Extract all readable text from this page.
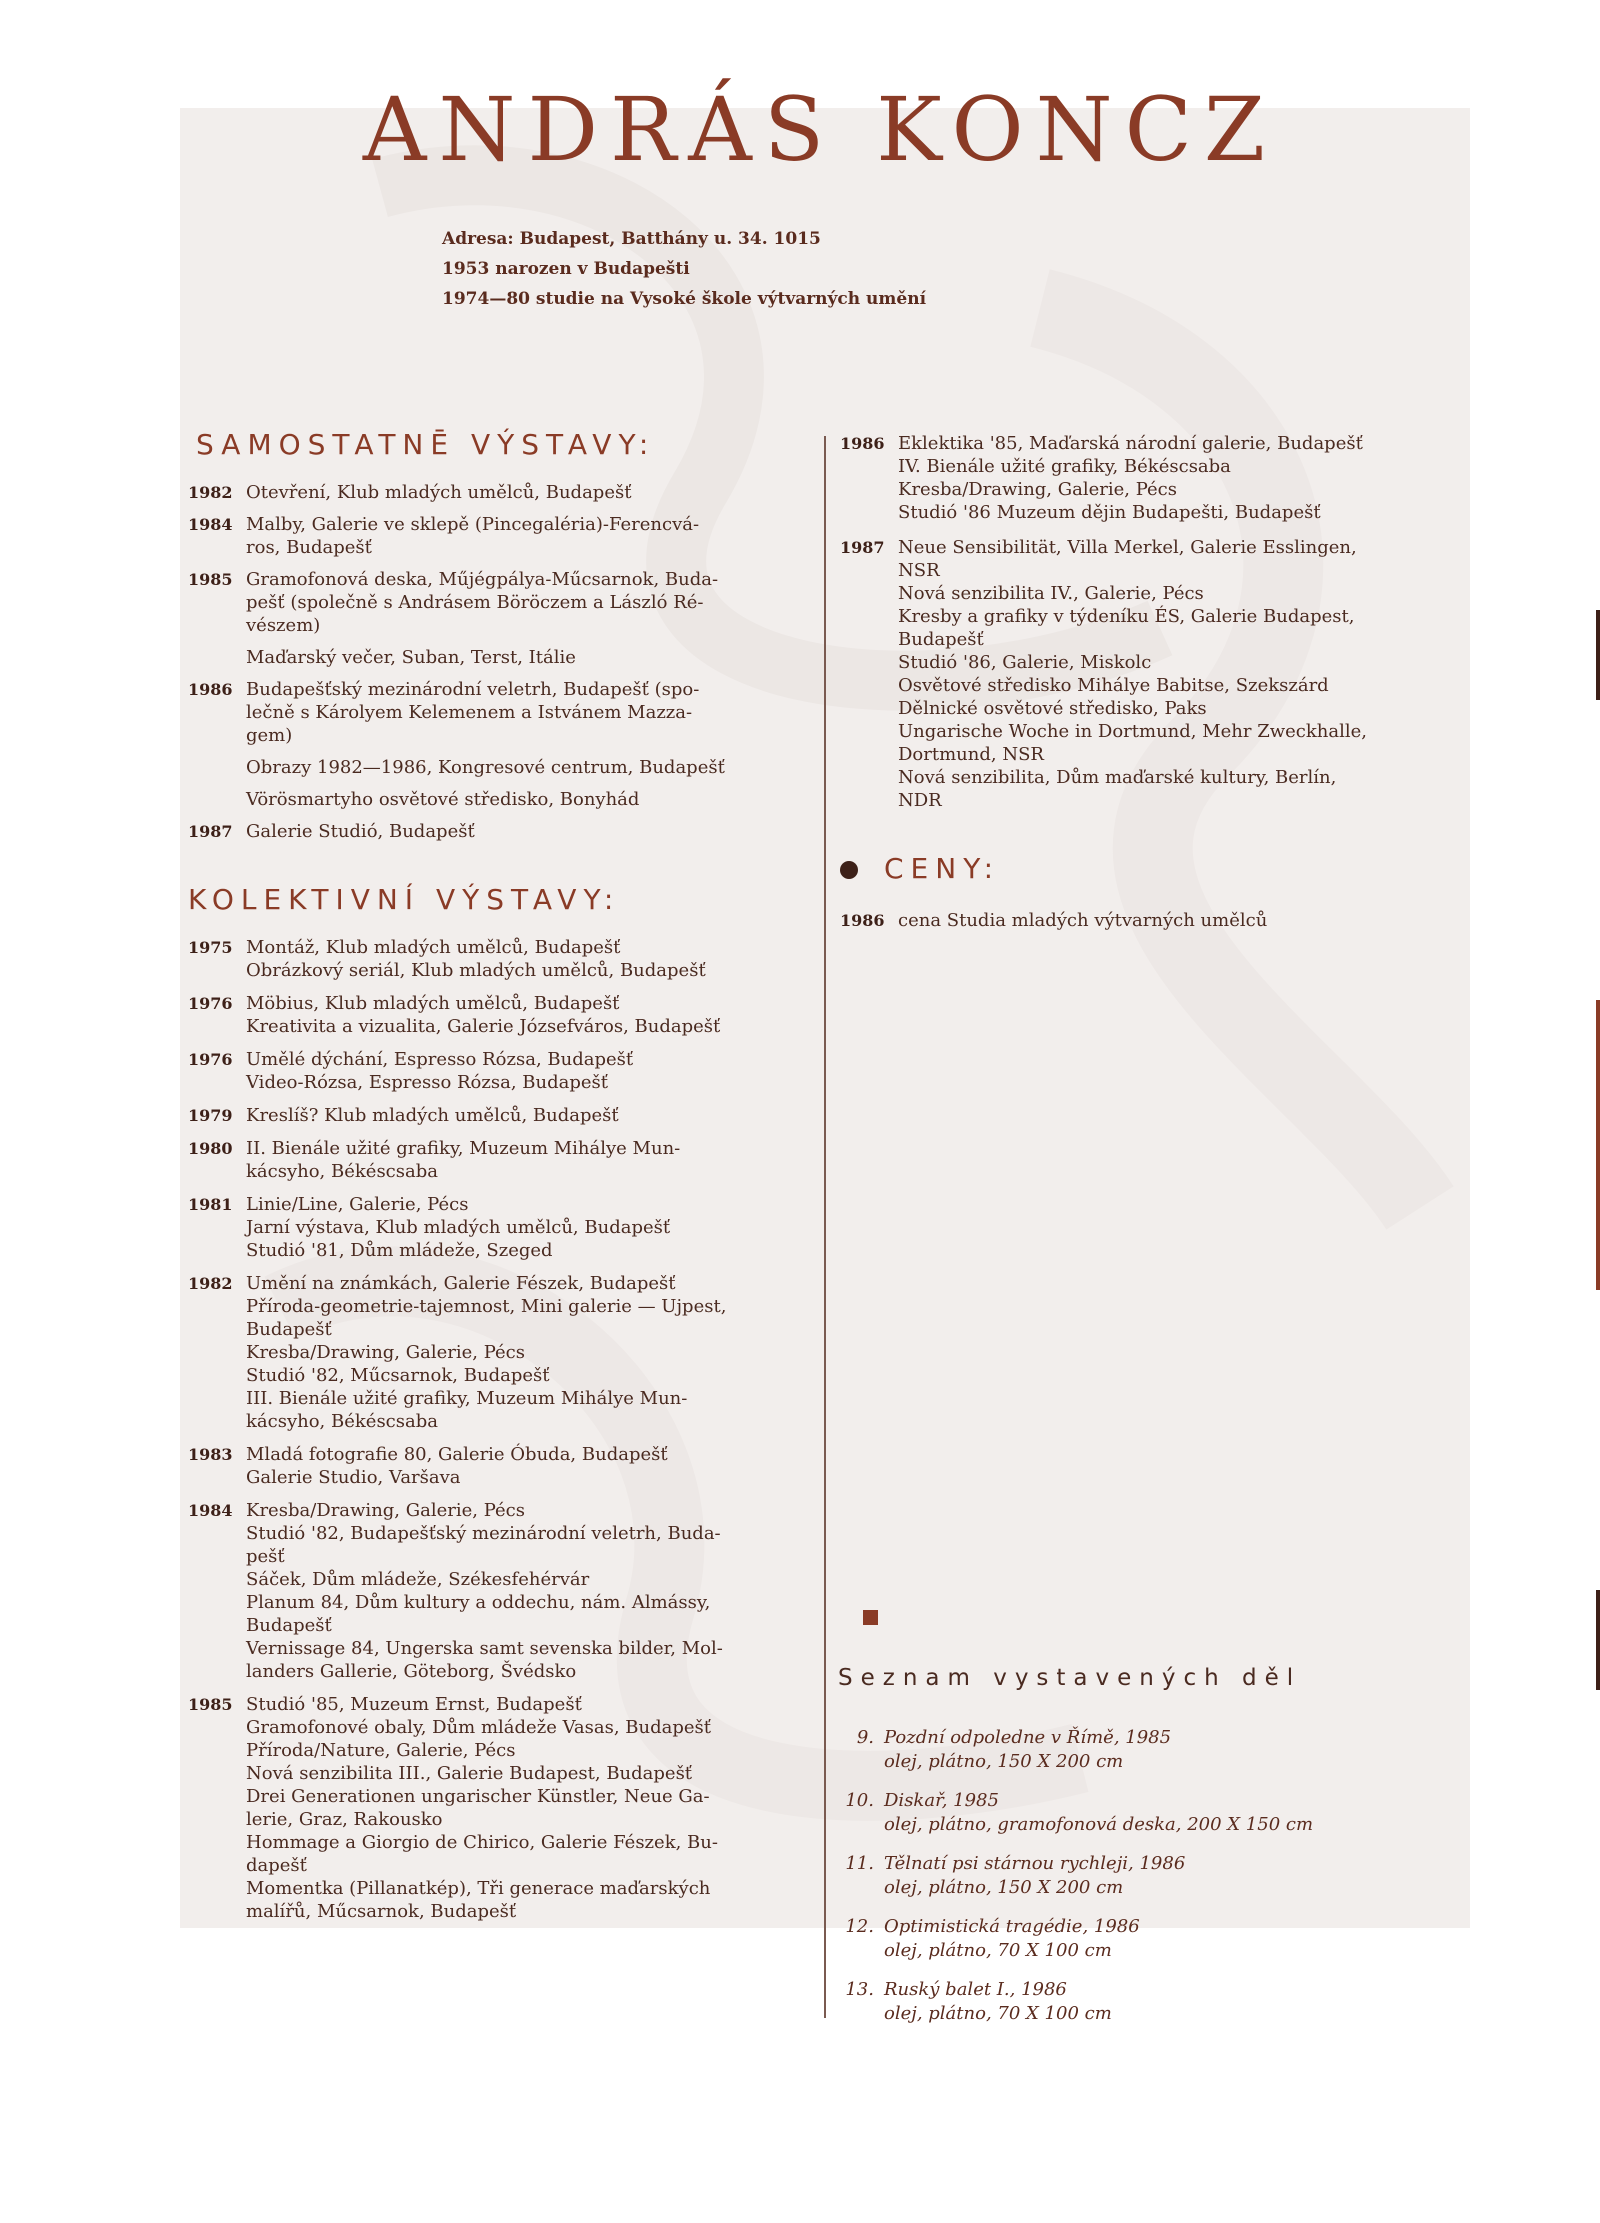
ANDRÁS KONCZ
Adresa: Budapest, Batthány u. 34. 1015
1953 narozen v Budapešti
1974—80 studie na Vysoké škole výtvarných umění
SAMOSTATNĒ VÝSTAVY:
1982 Otevření, Klub mladých umělců, Budapešť
1984 Malby, Galerie ve sklepě (Pincegaléria)-Ferencvá-
ros, Budapešť
1985 Gramofonová deska, Műjégpálya-Műcsarnok, Buda-
pešť (společně s Andrásem Böröczem a László Ré-
vészem)
Maďarský večer, Suban, Terst, Itálie
1986 Budapešťský mezinárodní veletrh, Budapešť (spo-
lečně s Károlyem Kelemenem a Istvánem Mazza-
gem)
Obrazy 1982—1986, Kongresové centrum, Budapešť
Vörösmartyho osvětové středisko, Bonyhád
1987 Galerie Studió, Budapešť
KOLEKTIVNÍ VÝSTAVY:
1975 Montáž, Klub mladých umělců, Budapešť
Obrázkový seriál, Klub mladých umělců, Budapešť
1976 Möbius, Klub mladých umělců, Budapešť
Kreativita a vizualita, Galerie Józsefváros, Budapešť
1976 Umělé dýchání, Espresso Rózsa, Budapešť
Video-Rózsa, Espresso Rózsa, Budapešť
1979 Kreslíš? Klub mladých umělců, Budapešť
1980 II. Bienále užité grafiky, Muzeum Mihálye Mun-
kácsyho, Békéscsaba
1981 Linie/Line, Galerie, Pécs
Jarní výstava, Klub mladých umělců, Budapešť
Studió '81, Dům mládeže, Szeged
1982 Umění na známkách, Galerie Fészek, Budapešť
Příroda-geometrie-tajemnost, Mini galerie — Ujpest,
Budapešť
Kresba/Drawing, Galerie, Pécs
Studió '82, Műcsarnok, Budapešť
III. Bienále užité grafiky, Muzeum Mihálye Mun-
kácsyho, Békéscsaba
1983 Mladá fotografie 80, Galerie Óbuda, Budapešť
Galerie Studio, Varšava
1984 Kresba/Drawing, Galerie, Pécs
Studió '82, Budapešťský mezinárodní veletrh, Buda-
pešť
Sáček, Dům mládeže, Székesfehérvár
Planum 84, Dům kultury a oddechu, nám. Almássy,
Budapešť
Vernissage 84, Ungerska samt sevenska bilder, Mol-
landers Gallerie, Göteborg, Švédsko
1985 Studió '85, Muzeum Ernst, Budapešť
Gramofonové obaly, Dům mládeže Vasas, Budapešť
Příroda/Nature, Galerie, Pécs
Nová senzibilita III., Galerie Budapest, Budapešť
Drei Generationen ungarischer Künstler, Neue Ga-
lerie, Graz, Rakousko
Hommage a Giorgio de Chirico, Galerie Fészek, Bu-
dapešť
Momentka (Pillanatkép), Tři generace maďarských
malířů, Műcsarnok, Budapešť
1986 Eklektika '85, Maďarská národní galerie, Budapešť
IV. Bienále užité grafiky, Békéscsaba
Kresba/Drawing, Galerie, Pécs
Studió '86 Muzeum dějin Budapešti, Budapešť
1987 Neue Sensibilität, Villa Merkel, Galerie Esslingen,
NSR
Nová senzibilita IV., Galerie, Pécs
Kresby a grafiky v týdeníku ÉS, Galerie Budapest,
Budapešť
Studió '86, Galerie, Miskolc
Osvětové středisko Mihálye Babitse, Szekszárd
Dělnické osvětové středisko, Paks
Ungarische Woche in Dortmund, Mehr Zweckhalle,
Dortmund, NSR
Nová senzibilita, Dům maďarské kultury, Berlín,
NDR
CENY:
1986 cena Studia mladých výtvarných umělců
Seznam vystavených děl
9. Pozdní odpoledne v Římě, 1985
olej, plátno, 150 X 200 cm
10. Diskař, 1985
olej, plátno, gramofonová deska, 200 X 150 cm
11. Tělnatí psi stárnou rychleji, 1986
olej, plátno, 150 X 200 cm
12. Optimistická tragédie, 1986
olej, plátno, 70 X 100 cm
13. Ruský balet I., 1986
olej, plátno, 70 X 100 cm
